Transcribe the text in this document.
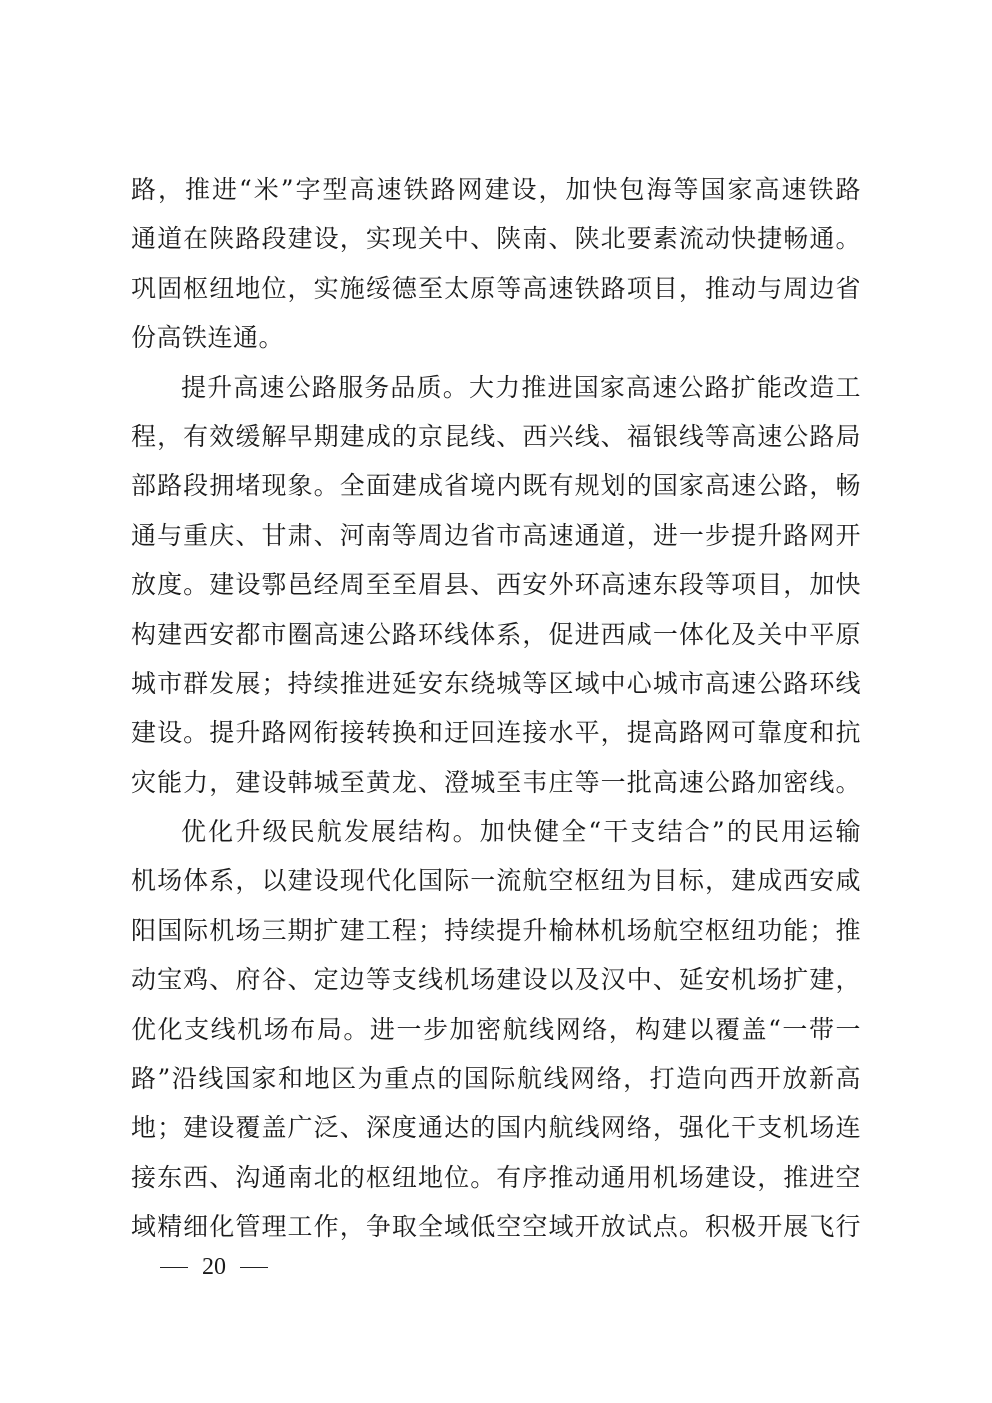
路，推进“米”字型高速铁路网建设，加快包海等国家高速铁路
通道在陕路段建设，实现关中、陕南、陕北要素流动快捷畅通。
巩固枢纽地位，实施绥德至太原等高速铁路项目，推动与周边省
份高铁连通。
提升高速公路服务品质。大力推进国家高速公路扩能改造工
程，有效缓解早期建成的京昆线、西兴线、福银线等高速公路局
部路段拥堵现象。全面建成省境内既有规划的国家高速公路，畅
通与重庆、甘肃、河南等周边省市高速通道，进一步提升路网开
放度。建设鄠邑经周至至眉县、西安外环高速东段等项目，加快
构建西安都市圈高速公路环线体系，促进西咸一体化及关中平原
城市群发展；持续推进延安东绕城等区域中心城市高速公路环线
建设。提升路网衔接转换和迂回连接水平，提高路网可靠度和抗
灾能力，建设韩城至黄龙、澄城至韦庄等一批高速公路加密线。
优化升级民航发展结构。加快健全“干支结合”的民用运输
机场体系，以建设现代化国际一流航空枢纽为目标，建成西安咸
阳国际机场三期扩建工程；持续提升榆林机场航空枢纽功能；推
动宝鸡、府谷、定边等支线机场建设以及汉中、延安机场扩建，
优化支线机场布局。进一步加密航线网络，构建以覆盖“一带一
路”沿线国家和地区为重点的国际航线网络，打造向西开放新高
地；建设覆盖广泛、深度通达的国内航线网络，强化干支机场连
接东西、沟通南北的枢纽地位。有序推动通用机场建设，推进空
域精细化管理工作，争取全域低空空域开放试点。积极开展飞行
20
